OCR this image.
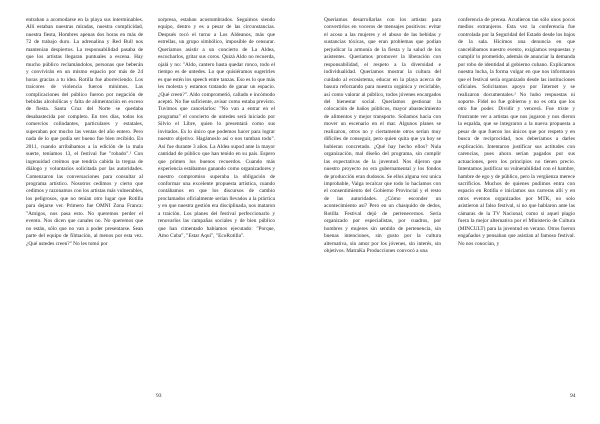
entraban a acomodarse en la playa sus interminables. Allí estaban nuestras miradas, nuestra complicidad, nuestra fiesta, Hombres apenas dos horas en más de 72 de trabajo duro. La adrenalina y Red Bull nos mantenían despiertos. La responsabilidad pasaba de que los artistas llegaran puntuales a escena. Hay mucho público reclamándolos, personas que beberán y convivirán en un mismo espacio por más de 24 horas gracias a tu idea. Rotilla fue aborreciendo. Los traicores de violencia fueron mínimos. Las complicaciones del público fueron por negación de bebidas alcohólicas y falta de alimentación en exceso de fiesta. Santa Cruz del Norte se quedaba desabastecida por completo. En tres días, todos los comercios colindantes, particulares y estatales, superaban por mucho las ventas del año entero. Pero nada de lo que podía ser bueno fue bien recibido. En 2011, cuando arribábamos a la edición de la mala suerte, teníamos 13, el festival fue "robado".¹ Con ingenuidad creímos que tendría cabida la tregua de diálogo y voluntarios solicitada por las autoridades. Comenzaron las conversaciones para consultar al programa artístico. Nosotros cedimos y cierto que cedimos y razonamos con los artistas más vulnerables, los peligrosos, que no tenían otro lugar que Rotilla para dejarse ver. Primero fue OMNI Zona Franca: "Amigos, nos pasa esto. No queremos perder el evento. Nos dicen que canales no. No queremos que no están, sólo que no van a poder presentarse. Sean parte del equipo de filmación, al menos por esta vez. ¿Qué ustedes creen?" No les tomó por

sorpresa, estaban acostumbrados. Seguimos siendo equipo, dentro y es a pesar de las circunstancias. Después tocó el turno a Los Aldeanos, más que estrellas, un grupo simbólico, imposible de censurar. Queríamos asistir a un concierto de La Aldea, escucharlos, gritar sus coros. Quizá Aldo no recuerda, ojalá y no: "Aldo, cantero hasta quedar ronco, todo el tiempo es de untedes. Lo que quisiéramos sugerirles es que estén los speech entre tanzas. Eso es lo que más les molesta y estamos tratando de ganar un espacio. ¿Qué creen?". Aldo comprometió, callado e incómodo aceptó. No fue suficiente, avisar como estaba previsto. Tuvimos que cancelarlos: "No van a entrar en el programa" el concierto de untedes será iniciado por Silvio el Libre, quien lo presentará como sus invitados. Es lo único que podemos hacer para lograr nuestro objetivo. Hagámoslo así o nos tumban todo". Así fue durante 3 años. La Aldea supod ante la mayor cantidad de público que han tenido en su país. Espero que primen los buenos recuerdos. Cuando más experiencia estábamos ganando como organizadores y nuestro compromiso superaba la obligación de conformar una excelente propuesta artística, cuando contábamos en que los discursos de cambio proclamados oficialmente serían llevados a la práctica y en que nuestra gestión era disciplinada, nos mataron a traición. Los planes del festival perfeccionarlo y renovarlos las campañas sociales y de bien público que han cimentado habíamos ejecutado: "Porque, Amo Cuba", "Estar Aquí", "EcoRotilla".

93

Queríamos desarrollarlas con los artistas para convertirlos en voceros de mensajes positivos: evitar el acoso a las mujeres y el abuso de las bebidas y sustancias tóxicas, que eran problemas que podían perjudicar la armonía de la fiesta y la salud de los asistentes. Queríamos promover la liberación con responsabilidad, el respeto a la diversidad e individualidad. Queríamos mostrar la cultura del cuidado al ecosistema, educar en la playa acerca de basura reforzando para nuestra orgánica y reciclable, así como valorar al público, todos jóvenes encargados del bienestar social. Queríamos gestionar la colocación de baños públicos, mayor abastecimiento de alimentos y mejor transporte. Soñamos hacia con mover un escenario en el mar. Algunos planes se realizaron, otros no y ciertamente otros serían muy difíciles de conseguir, pero quien quita que ya hoy se hubieran concretado. ¿Qué hay hecho ellos? Nula organización, mal diseño del programa, sin cumplir las expectativas de la juventud. Nos dijeron que nuestro proyecto no era gubernamental y los fondos de producción eran dudosos. Se ellos alguna vez unica improbable, Valga recalcar que todo lo hacíamos con el consentimiento del Gobierno Provincial y el resto de las autoridades. ¿Cómo esconder un acontecimiento así? Pero en un chasquido de dedos, Rotilla Festival dejó de pertenecernos. Sería organizado por especialistas, por cuadros, por hombres y mujeres sin sentido de pertenencia, sin buenas intenciones, sin gusto por la cultura alternativa, sin amor por los jóvenes, sin interés, sin objetivos. MatraKa Producciones convocó a una

conferencia de prensa. Acudieron tan sólo unos pocos medios extranjeros. Esta vez la conferencia fue controlada por la Seguridad del Estado desde los bajos de la sala. Hicimos una denuncia en que cancelábamos nuestro evento, exigíamos respuestas y cumplir lo prometido, además de anunciar la demanda por robo de identidad al gobierno cubano. Explicamos nuestra lucha, la forma vulgar en que nos informaron que el festival sería organizado desde las instituciones oficiales. Solicitamos apoyo por Internet y se realizaron documentales.² No hubo respuestas ni soporte. Fidel no fue gobierno y no es otra que los otro fue poder. Dividir y vencerá. Fue triste y frustrante ver a artistas que nos jugaron y nos dieron la espalda, que se integraron a la nueva propuesta a pesar de que fueron los únicos que por respeto y en busca de reciprocidad, nos deberíamos a darles explicación. Intentaron justificar sus actitudes con carencias, pues ahora serían pagados por sus actuaciones, pero los principios no tienen precio. Intentamos justificar su vulnerabilidad con el hambre, hambre de ego y de público, pero la vergüenza merece sacrificios. Muchos de quienes pudimos entra con espacio en Rotilla e iniciamos sus carreras allí y en otros eventos organizados por MTK, no solo asistieron al falso festival, si no que hablaron ante las cámaras de la TV Nacional, como si aquel plagio fuera la mejor alternativa por el Ministerio de Cultura (MINCULT) para la juventud en verano. Otros fueron engañados y pensaban que asistían al famoso festival. No nos conocían, y

94
